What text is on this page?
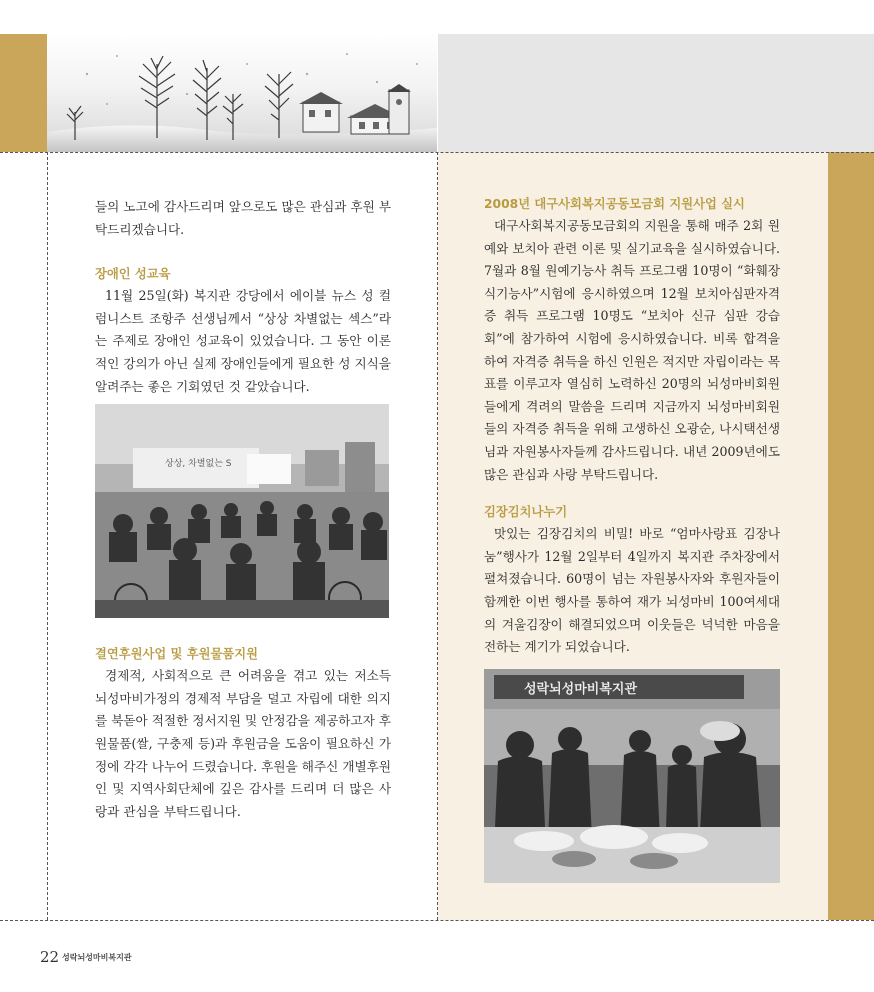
들의 노고에 감사드리며 앞으로도 많은 관심과 후원 부탁드리겠습니다.

장애인 성교육

11월 25일(화) 복지관 강당에서 에이블 뉴스 성 컬럼니스트 조항주 선생님께서 “상상 차별없는 섹스”라는 주제로 장애인 성교육이 있었습니다. 그 동안 이론적인 강의가 아닌 실제 장애인들에게 필요한 성 지식을 알려주는 좋은 기회였던 것 같았습니다.

상상, 차별없는 S
결연후원사업 및 후원물품지원

경제적, 사회적으로 큰 어려움을 겪고 있는 저소득 뇌성마비가정의 경제적 부담을 덜고 자립에 대한 의지를 북돋아 적절한 정서지원 및 안정감을 제공하고자 후원물품(쌀, 구충제 등)과 후원금을 도움이 필요하신 가정에 각각 나누어 드렸습니다. 후원을 해주신 개별후원인 및 지역사회단체에 깊은 감사를 드리며 더 많은 사랑과 관심을 부탁드립니다.

2008년 대구사회복지공동모금회 지원사업 실시

대구사회복지공동모금회의 지원을 통해 매주 2회 원예와 보치아 관련 이론 및 실기교육을 실시하였습니다. 7월과 8월 원예기능사 취득 프로그램 10명이 “화훼장식기능사”시험에 응시하였으며 12월 보치아심판자격증 취득 프로그램 10명도 “보치아 신규 심판 강습회”에 참가하여 시험에 응시하였습니다. 비록 합격을 하여 자격증 취득을 하신 인원은 적지만 자립이라는 목표를 이루고자 열심히 노력하신 20명의 뇌성마비회원들에게 격려의 말씀을 드리며 지금까지 뇌성마비회원들의 자격증 취득을 위해 고생하신 오광순, 나시택선생님과 자원봉사자들께 감사드립니다. 내년 2009년에도 많은 관심과 사랑 부탁드립니다.

김장김치나누기

맛있는 김장김치의 비밀! 바로 “엄마사랑표 김장나눔”행사가 12월 2일부터 4일까지 복지관 주차장에서 펼쳐졌습니다. 60명이 넘는 자원봉사자와 후원자들이 함께한 이번 행사를 통하여 재가 뇌성마비 100여세대의 겨울김장이 해결되었으며 이웃들은 넉넉한 마음을 전하는 계기가 되었습니다.

성락뇌성마비복지관
22 성락뇌성마비복지관
